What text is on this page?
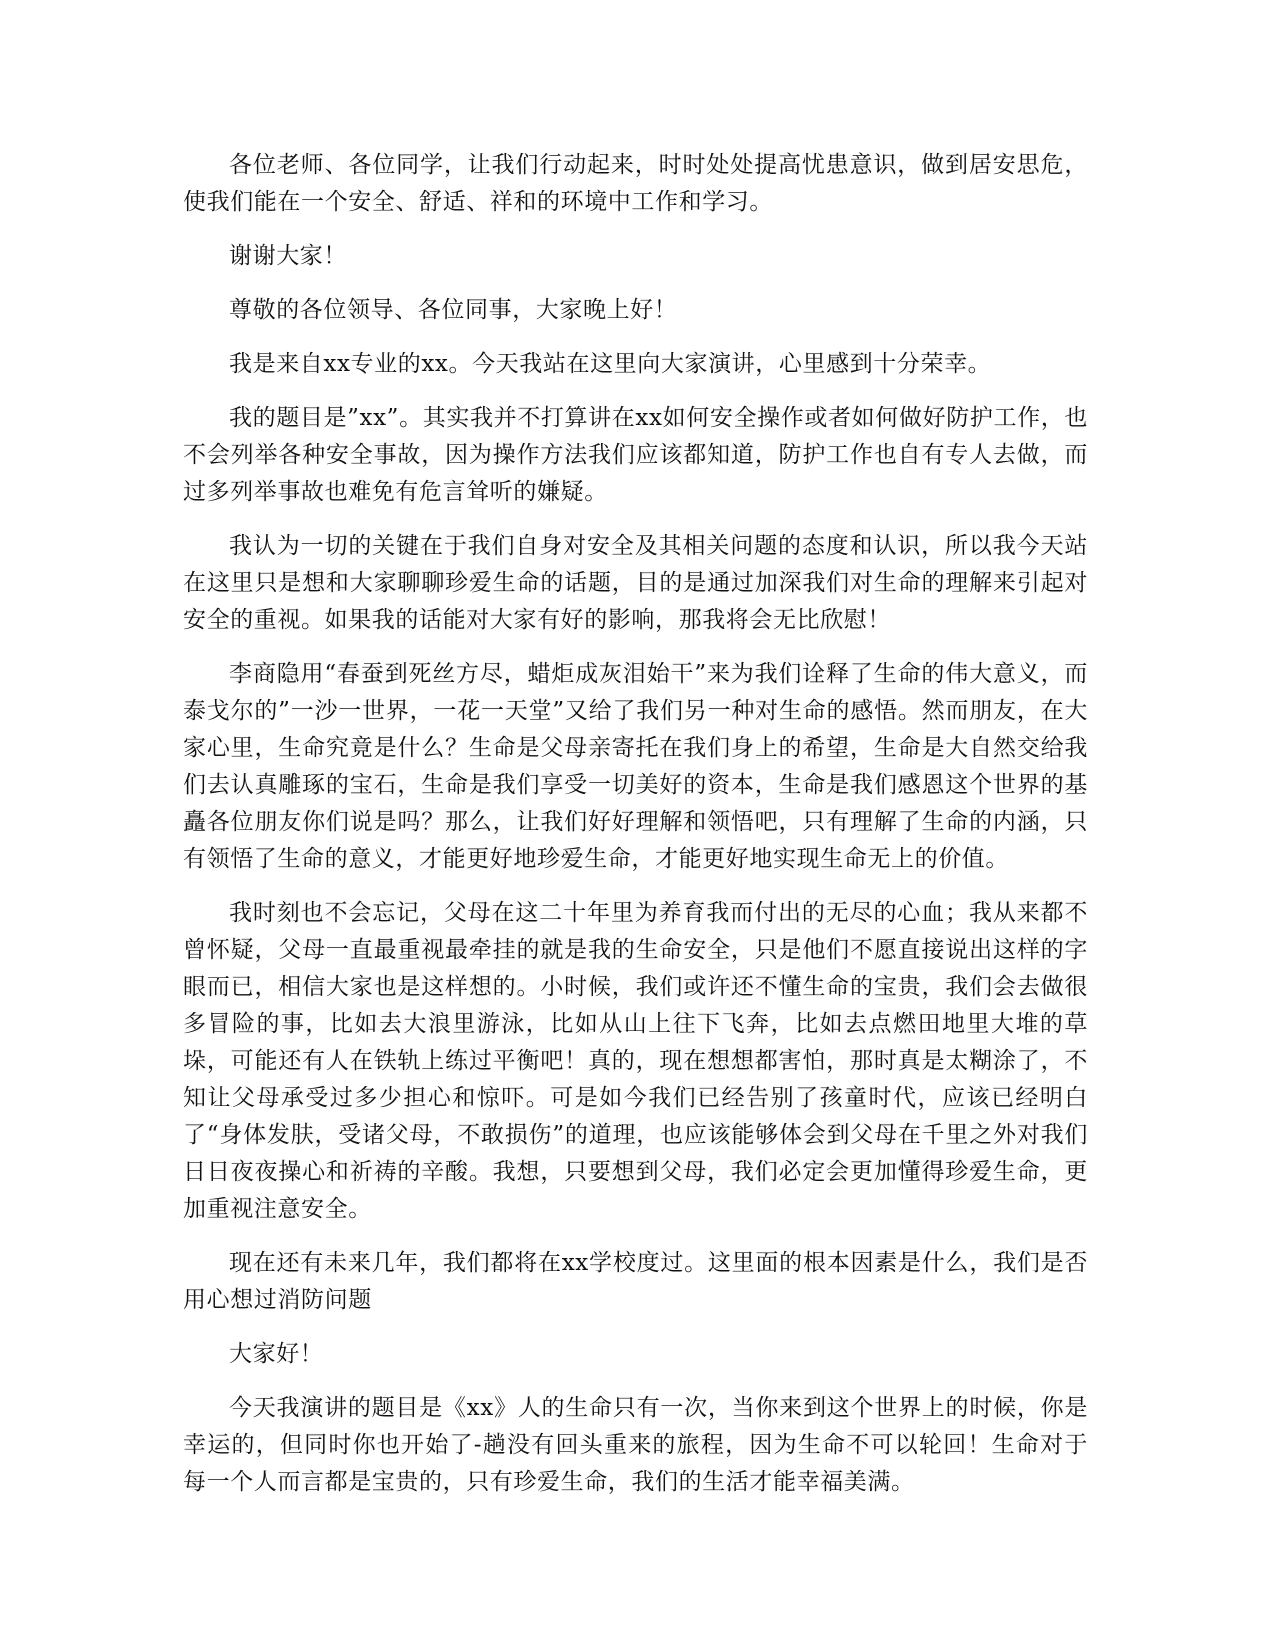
各位老师、各位同学，让我们行动起来，时时处处提高忧患意识，做到居安思危，使我们能在一个安全、舒适、祥和的环境中工作和学习。

谢谢大家！

尊敬的各位领导、各位同事，大家晚上好！

我是来自xx专业的xx。今天我站在这里向大家演讲，心里感到十分荣幸。

我的题目是”xx”。其实我并不打算讲在xx如何安全操作或者如何做好防护工作，也不会列举各种安全事故，因为操作方法我们应该都知道，防护工作也自有专人去做，而过多列举事故也难免有危言耸听的嫌疑。

我认为一切的关键在于我们自身对安全及其相关问题的态度和认识，所以我今天站在这里只是想和大家聊聊珍爱生命的话题，目的是通过加深我们对生命的理解来引起对安全的重视。如果我的话能对大家有好的影响，那我将会无比欣慰！

李商隐用“春蚕到死丝方尽，蜡炬成灰泪始干”来为我们诠释了生命的伟大意义，而泰戈尔的”一沙一世界，一花一天堂”又给了我们另一种对生命的感悟。然而朋友，在大家心里，生命究竟是什么？生命是父母亲寄托在我们身上的希望，生命是大自然交给我们去认真雕琢的宝石，生命是我们享受一切美好的资本，生命是我们感恩这个世界的基矗各位朋友你们说是吗？那么，让我们好好理解和领悟吧，只有理解了生命的内涵，只有领悟了生命的意义，才能更好地珍爱生命，才能更好地实现生命无上的价值。

我时刻也不会忘记，父母在这二十年里为养育我而付出的无尽的心血；我从来都不曾怀疑，父母一直最重视最牵挂的就是我的生命安全，只是他们不愿直接说出这样的字眼而已，相信大家也是这样想的。小时候，我们或许还不懂生命的宝贵，我们会去做很多冒险的事，比如去大浪里游泳，比如从山上往下飞奔，比如去点燃田地里大堆的草垛，可能还有人在铁轨上练过平衡吧！真的，现在想想都害怕，那时真是太糊涂了，不知让父母承受过多少担心和惊吓。可是如今我们已经告别了孩童时代，应该已经明白了“身体发肤，受诸父母，不敢损伤”的道理，也应该能够体会到父母在千里之外对我们日日夜夜操心和祈祷的辛酸。我想，只要想到父母，我们必定会更加懂得珍爱生命，更加重视注意安全。

现在还有未来几年，我们都将在xx学校度过。这里面的根本因素是什么，我们是否用心想过消防问题

大家好！

今天我演讲的题目是《xx》人的生命只有一次，当你来到这个世界上的时候，你是幸运的，但同时你也开始了-趟没有回头重来的旅程，因为生命不可以轮回！生命对于每一个人而言都是宝贵的，只有珍爱生命，我们的生活才能幸福美满。
